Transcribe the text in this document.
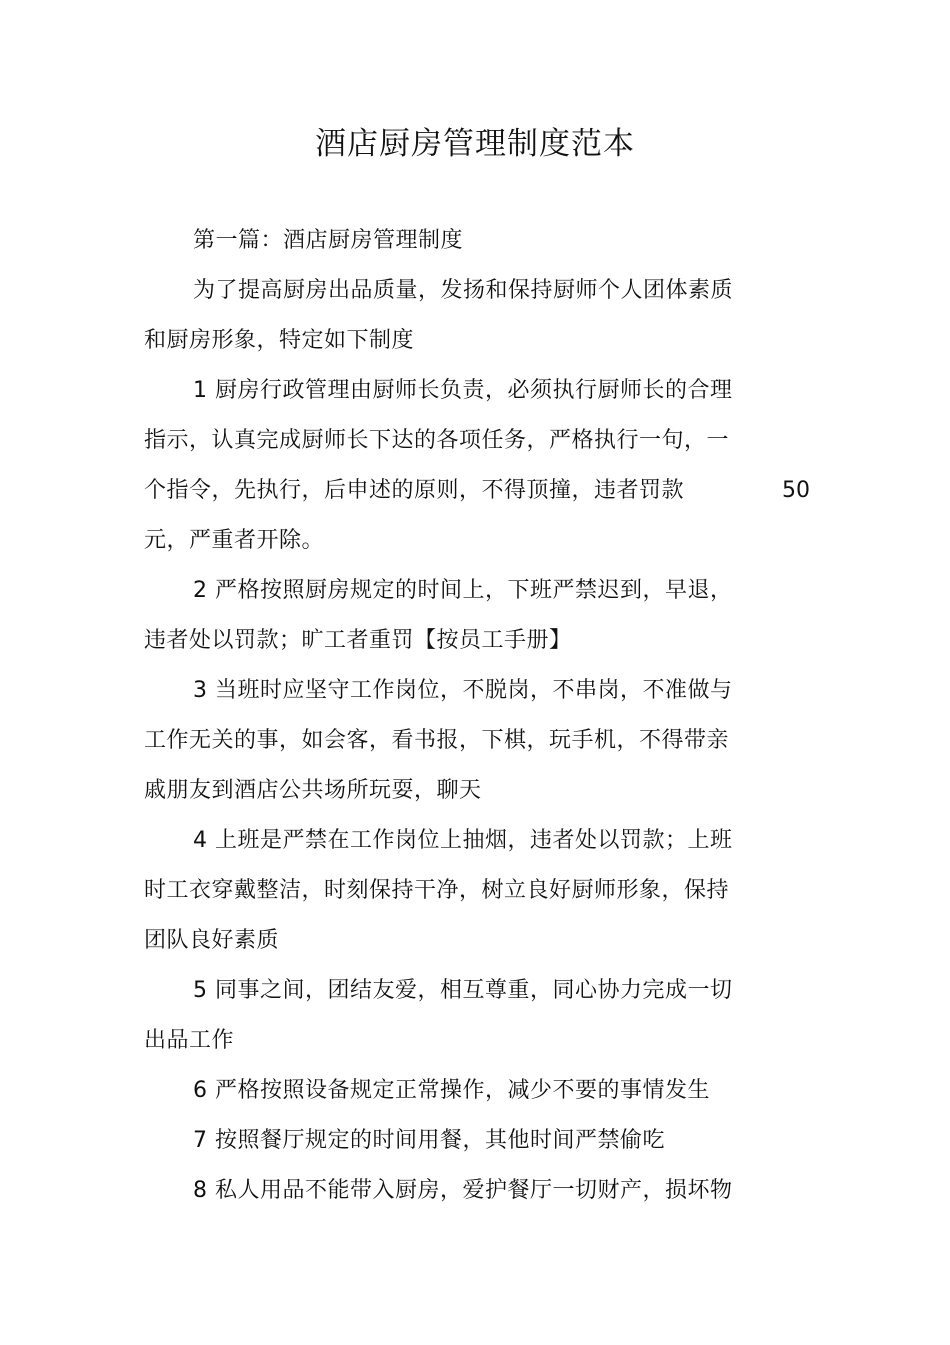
酒店厨房管理制度范本
第一篇：酒店厨房管理制度
为了提高厨房出品质量，发扬和保持厨师个人团体素质
和厨房形象，特定如下制度
1 厨房行政管理由厨师长负责，必须执行厨师长的合理
指示，认真完成厨师长下达的各项任务，严格执行一句，一
个指令，先执行，后申述的原则，不得顶撞，违者罚款	50
元，严重者开除。
2 严格按照厨房规定的时间上，下班严禁迟到，早退，
违者处以罚款；旷工者重罚【按员工手册】
3 当班时应坚守工作岗位，不脱岗，不串岗，不准做与
工作无关的事，如会客，看书报，下棋，玩手机，不得带亲
戚朋友到酒店公共场所玩耍，聊天
4 上班是严禁在工作岗位上抽烟，违者处以罚款；上班
时工衣穿戴整洁，时刻保持干净，树立良好厨师形象，保持
团队良好素质
5 同事之间，团结友爱，相互尊重，同心协力完成一切
出品工作
6 严格按照设备规定正常操作，减少不要的事情发生
7 按照餐厅规定的时间用餐，其他时间严禁偷吃
8 私人用品不能带入厨房，爱护餐厅一切财产，损坏物
